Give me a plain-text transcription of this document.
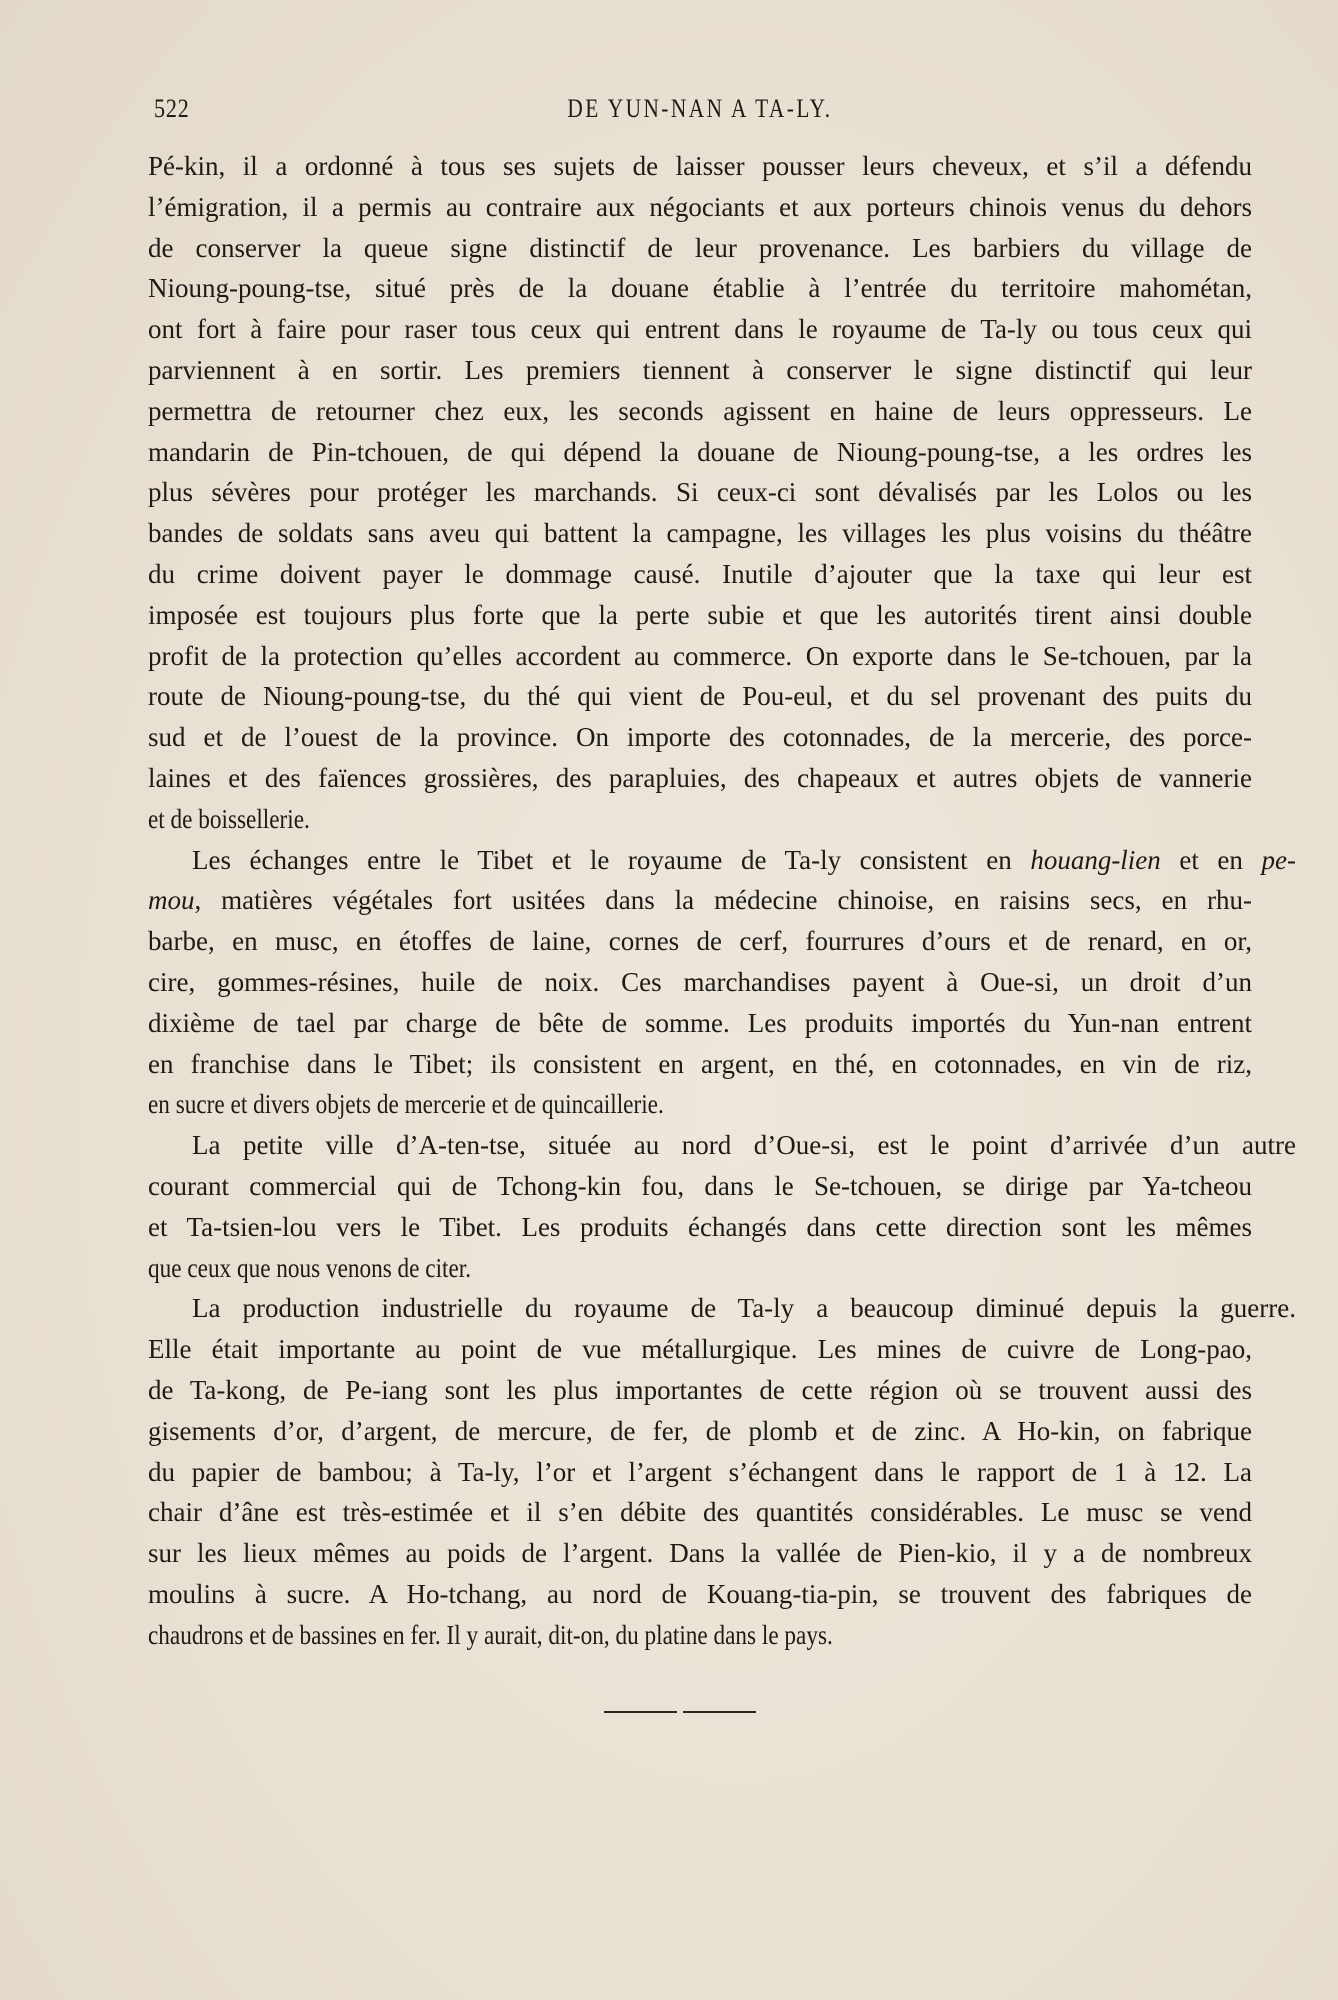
522	DE YUN-NAN A TA-LY.
Pé-kin, il a ordonné à tous ses sujets de laisser pousser leurs cheveux, et s’il a défendu
l’émigration, il a permis au contraire aux négociants et aux porteurs chinois venus du dehors
de conserver la queue signe distinctif de leur provenance. Les barbiers du village de
Nioung-poung-tse, situé près de la douane établie à l’entrée du territoire mahométan,
ont fort à faire pour raser tous ceux qui entrent dans le royaume de Ta-ly ou tous ceux qui
parviennent à en sortir. Les premiers tiennent à conserver le signe distinctif qui leur
permettra de retourner chez eux, les seconds agissent en haine de leurs oppresseurs. Le
mandarin de Pin-tchouen, de qui dépend la douane de Nioung-poung-tse, a les ordres les
plus sévères pour protéger les marchands. Si ceux-ci sont dévalisés par les Lolos ou les
bandes de soldats sans aveu qui battent la campagne, les villages les plus voisins du théâtre
du crime doivent payer le dommage causé. Inutile d’ajouter que la taxe qui leur est
imposée est toujours plus forte que la perte subie et que les autorités tirent ainsi double
profit de la protection qu’elles accordent au commerce. On exporte dans le Se-tchouen, par la
route de Nioung-poung-tse, du thé qui vient de Pou-eul, et du sel provenant des puits du
sud et de l’ouest de la province. On importe des cotonnades, de la mercerie, des porce-
laines et des faïences grossières, des parapluies, des chapeaux et autres objets de vannerie
et de boissellerie.
Les échanges entre le Tibet et le royaume de Ta-ly consistent en houang-lien et en pe-
mou, matières végétales fort usitées dans la médecine chinoise, en raisins secs, en rhu-
barbe, en musc, en étoffes de laine, cornes de cerf, fourrures d’ours et de renard, en or,
cire, gommes-résines, huile de noix. Ces marchandises payent à Oue-si, un droit d’un
dixième de tael par charge de bête de somme. Les produits importés du Yun-nan entrent
en franchise dans le Tibet; ils consistent en argent, en thé, en cotonnades, en vin de riz,
en sucre et divers objets de mercerie et de quincaillerie.
La petite ville d’A-ten-tse, située au nord d’Oue-si, est le point d’arrivée d’un autre
courant commercial qui de Tchong-kin fou, dans le Se-tchouen, se dirige par Ya-tcheou
et Ta-tsien-lou vers le Tibet. Les produits échangés dans cette direction sont les mêmes
que ceux que nous venons de citer.
La production industrielle du royaume de Ta-ly a beaucoup diminué depuis la guerre.
Elle était importante au point de vue métallurgique. Les mines de cuivre de Long-pao,
de Ta-kong, de Pe-iang sont les plus importantes de cette région où se trouvent aussi des
gisements d’or, d’argent, de mercure, de fer, de plomb et de zinc. A Ho-kin, on fabrique
du papier de bambou; à Ta-ly, l’or et l’argent s’échangent dans le rapport de 1 à 12. La
chair d’âne est très-estimée et il s’en débite des quantités considérables. Le musc se vend
sur les lieux mêmes au poids de l’argent. Dans la vallée de Pien-kio, il y a de nombreux
moulins à sucre. A Ho-tchang, au nord de Kouang-tia-pin, se trouvent des fabriques de
chaudrons et de bassines en fer. Il y aurait, dit-on, du platine dans le pays.
